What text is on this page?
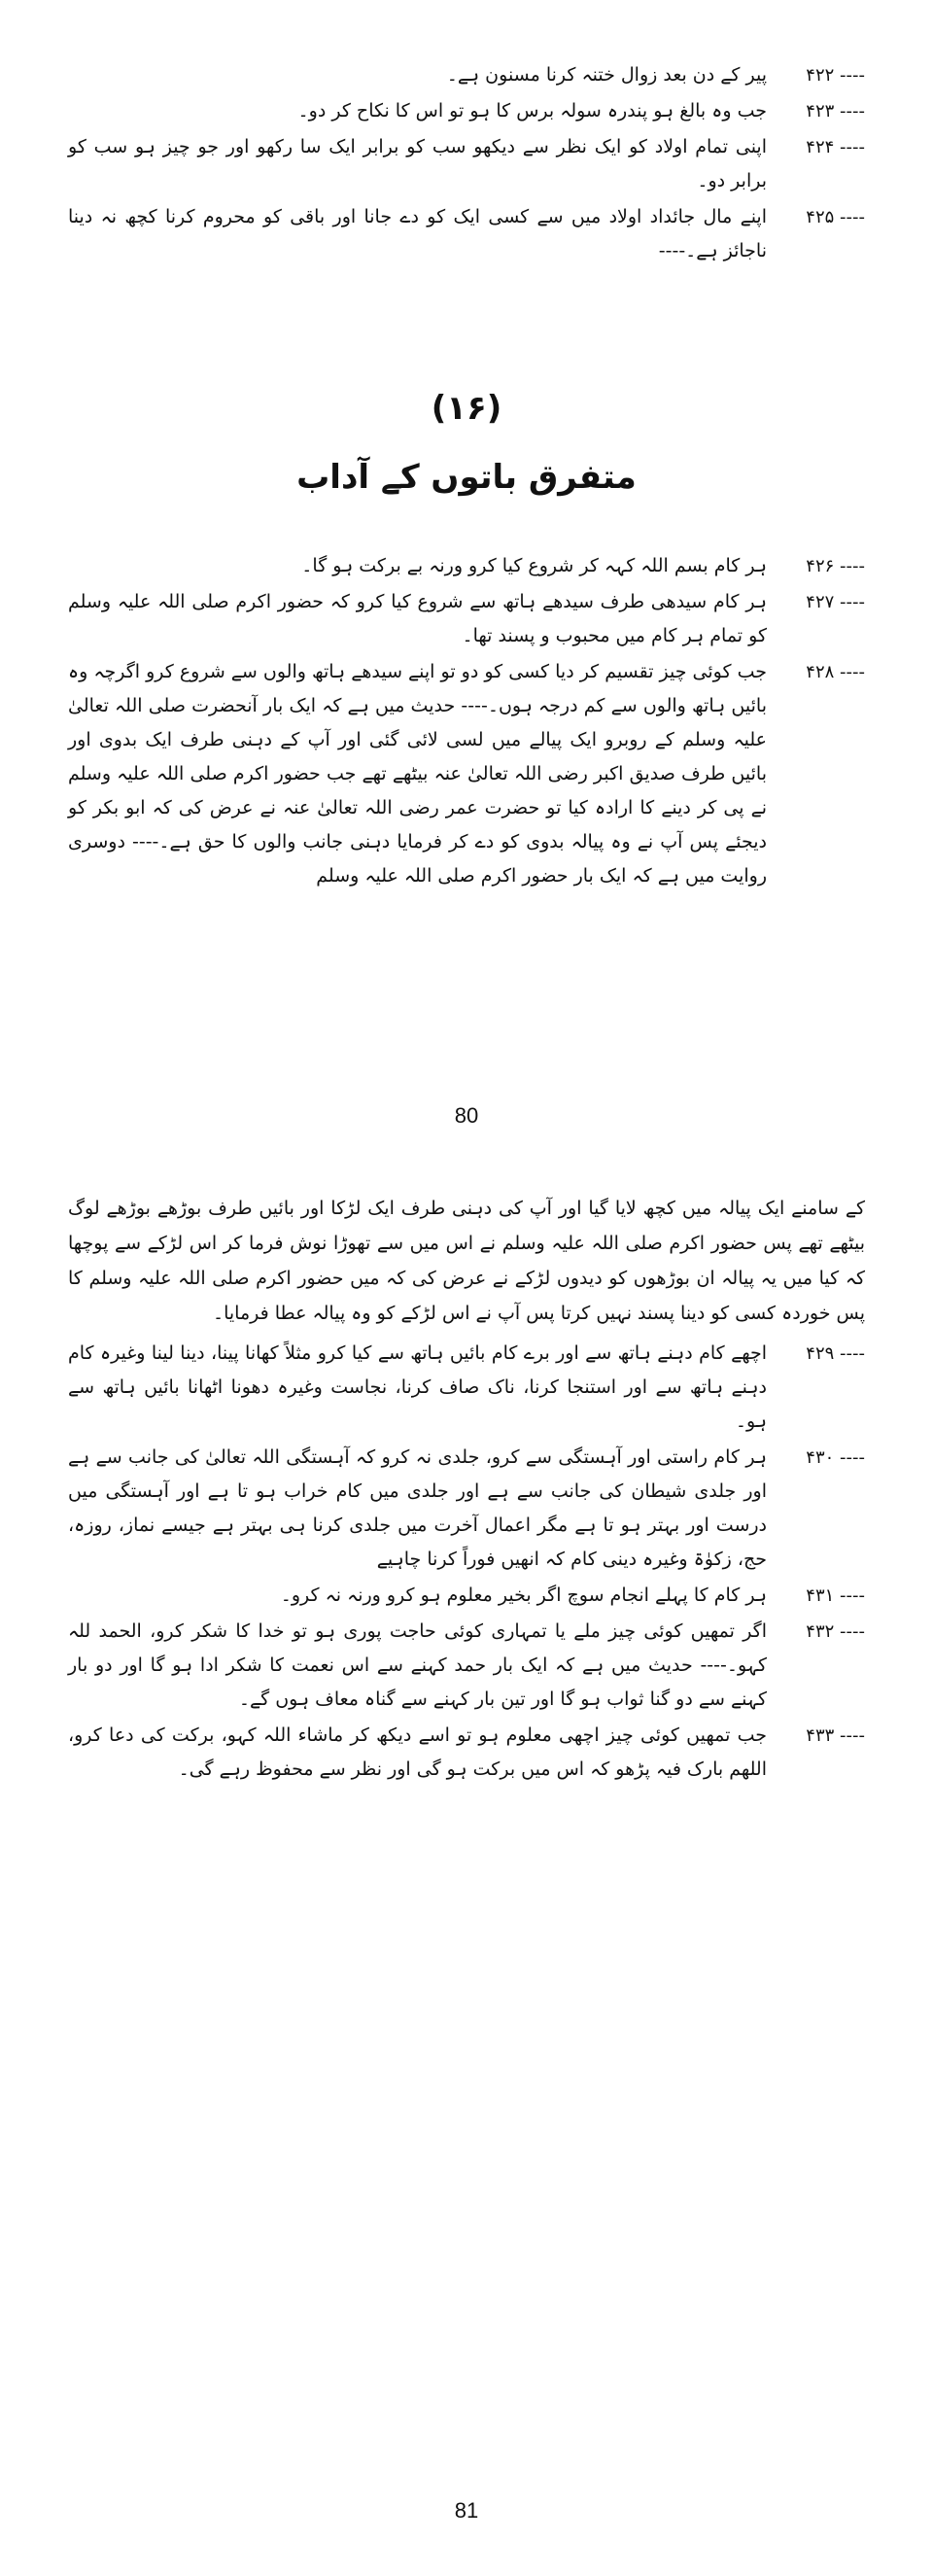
۴۲۲ ----
پیر کے دن بعد زوال ختنہ کرنا مسنون ہے۔
۴۲۳ ----
جب وہ بالغ ہو پندرہ سولہ برس کا ہو تو اس کا نکاح کر دو۔
۴۲۴ ----
اپنی تمام اولاد کو ایک نظر سے دیکھو سب کو برابر ایک سا رکھو اور جو چیز ہو سب کو برابر دو۔
۴۲۵ ----
اپنے مال جائداد اولاد میں سے کسی ایک کو دے جانا اور باقی کو محروم کرنا کچھ نہ دینا ناجائز ہے۔----
(۱۶)
متفرق باتوں کے آداب
۴۲۶ ----
ہر کام بسم اللہ کہہ کر شروع کیا کرو ورنہ بے برکت ہو گا۔
۴۲۷ ----
ہر کام سیدھی طرف سیدھے ہاتھ سے شروع کیا کرو کہ حضور اکرم صلی اللہ علیہ وسلم کو تمام ہر کام میں محبوب و پسند تھا۔
۴۲۸ ----
جب کوئی چیز تقسیم کر دیا کسی کو دو تو اپنے سیدھے ہاتھ والوں سے شروع کرو اگرچہ وہ بائیں ہاتھ والوں سے کم درجہ ہوں۔---- حدیث میں ہے کہ ایک بار آنحضرت صلی اللہ تعالیٰ علیہ وسلم کے روبرو ایک پیالے میں لسی لائی گئی اور آپ کے دہنی طرف ایک بدوی اور بائیں طرف صدیق اکبر رضی اللہ تعالیٰ عنہ بیٹھے تھے جب حضور اکرم صلی اللہ علیہ وسلم نے پی کر دینے کا ارادہ کیا تو حضرت عمر رضی اللہ تعالیٰ عنہ نے عرض کی کہ ابو بکر کو دیجئے پس آپ نے وہ پیالہ بدوی کو دے کر فرمایا دہنی جانب والوں کا حق ہے۔---- دوسری روایت میں ہے کہ ایک بار حضور اکرم صلی اللہ علیہ وسلم
80
کے سامنے ایک پیالہ میں کچھ لایا گیا اور آپ کی دہنی طرف ایک لڑکا اور بائیں طرف بوڑھے بوڑھے لوگ بیٹھے تھے پس حضور اکرم صلی اللہ علیہ وسلم نے اس میں سے تھوڑا نوش فرما کر اس لڑکے سے پوچھا کہ کیا میں یہ پیالہ ان بوڑھوں کو دیدوں لڑکے نے عرض کی کہ میں حضور اکرم صلی اللہ علیہ وسلم کا پس خوردہ کسی کو دینا پسند نہیں کرتا پس آپ نے اس لڑکے کو وہ پیالہ عطا فرمایا۔
۴۲۹ ----
اچھے کام دہنے ہاتھ سے اور برے کام بائیں ہاتھ سے کیا کرو مثلاً کھانا پینا، دینا لینا وغیرہ کام دہنے ہاتھ سے اور استنجا کرنا، ناک صاف کرنا، نجاست وغیرہ دھونا اٹھانا بائیں ہاتھ سے ہو۔
۴۳۰ ----
ہر کام راستی اور آہستگی سے کرو، جلدی نہ کرو کہ آہستگی اللہ تعالیٰ کی جانب سے ہے اور جلدی شیطان کی جانب سے ہے اور جلدی میں کام خراب ہو تا ہے اور آہستگی میں درست اور بہتر ہو تا ہے مگر اعمال آخرت میں جلدی کرنا ہی بہتر ہے جیسے نماز، روزہ، حج، زکوٰۃ وغیرہ دینی کام کہ انھیں فوراً کرنا چاہیے
۴۳۱ ----
ہر کام کا پہلے انجام سوچ اگر بخیر معلوم ہو کرو ورنہ نہ کرو۔
۴۳۲ ----
اگر تمھیں کوئی چیز ملے یا تمہاری کوئی حاجت پوری ہو تو خدا کا شکر کرو، الحمد للہ کہو۔---- حدیث میں ہے کہ ایک بار حمد کہنے سے اس نعمت کا شکر ادا ہو گا اور دو بار کہنے سے دو گنا ثواب ہو گا اور تین بار کہنے سے گناہ معاف ہوں گے۔
۴۳۳ ----
جب تمھیں کوئی چیز اچھی معلوم ہو تو اسے دیکھ کر ماشاء اللہ کہو، برکت کی دعا کرو، اللھم بارک فیہ پڑھو کہ اس میں برکت ہو گی اور نظر سے محفوظ رہے گی۔
81
